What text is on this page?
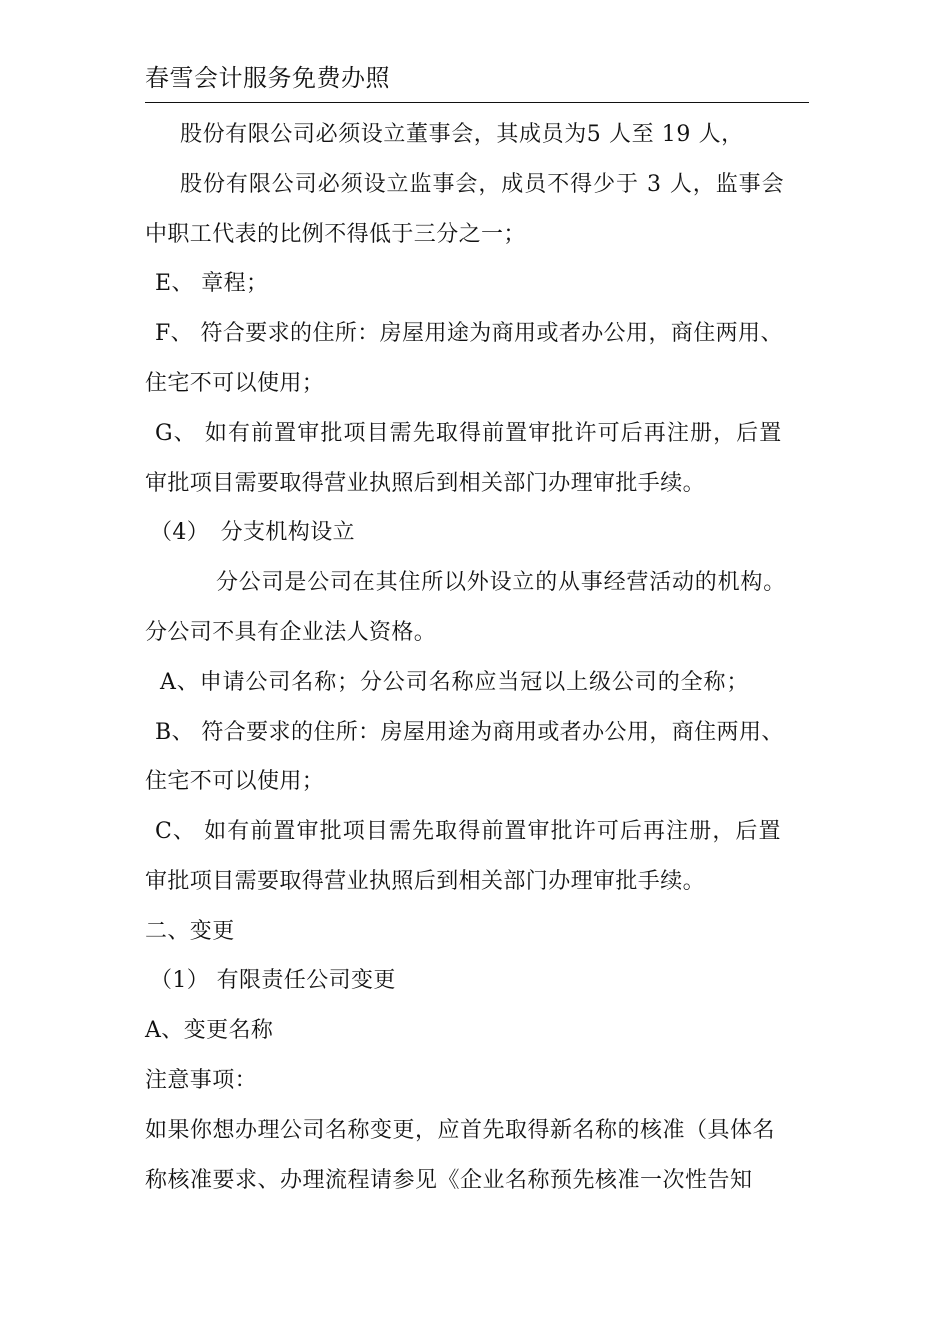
春雪会计服务免费办照
股份有限公司必须设立董事会，其成员为5 人至 19 人，
股份有限公司必须设立监事会，成员不得少于 3 人，监事会
中职工代表的比例不得低于三分之一；
E、 章程；
F、 符合要求的住所：房屋用途为商用或者办公用，商住两用、
住宅不可以使用；
G、 如有前置审批项目需先取得前置审批许可后再注册，后置
审批项目需要取得营业执照后到相关部门办理审批手续。
（4）　分支机构设立
分公司是公司在其住所以外设立的从事经营活动的机构。
分公司不具有企业法人资格。
A、申请公司名称；分公司名称应当冠以上级公司的全称；
B、 符合要求的住所：房屋用途为商用或者办公用，商住两用、
住宅不可以使用；
C、 如有前置审批项目需先取得前置审批许可后再注册，后置
审批项目需要取得营业执照后到相关部门办理审批手续。
二、变更
（1） 有限责任公司变更
A、变更名称
注意事项：
如果你想办理公司名称变更，应首先取得新名称的核准（具体名
称核准要求、办理流程请参见《企业名称预先核准一次性告知
